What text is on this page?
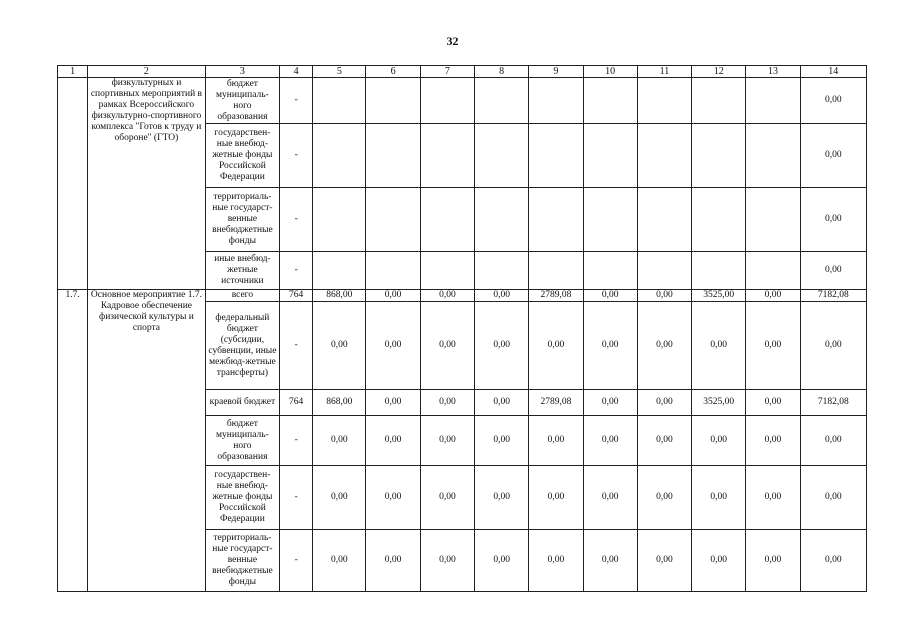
32
1	2	3	4	5	6	7	8	9	10	11	12	13	14
	физкультурных и спортивных мероприятий в рамках Всероссийского физкультурно-спортивного комплекса "Готов к труду и обороне" (ГТО)	бюджет муниципаль-ного образования	-										0,00
		государствен-ные внебюд-жетные фонды Российской Федерации	-										0,00
		территориаль-ные государст-венные внебюджетные фонды	-										0,00
		иные внебюд-жетные источники	-										0,00
1.7.	Основное мероприятие 1.7. Кадровое обеспечение физической культуры и спорта	всего	764	868,00	0,00	0,00	0,00	2789,08	0,00	0,00	3525,00	0,00	7182,08
		федеральный бюджет (субсидии, субвенции, иные межбюд-жетные трансферты)	-	0,00	0,00	0,00	0,00	0,00	0,00	0,00	0,00	0,00	0,00
		краевой бюджет	764	868,00	0,00	0,00	0,00	2789,08	0,00	0,00	3525,00	0,00	7182,08
		бюджет муниципаль-ного образования	-	0,00	0,00	0,00	0,00	0,00	0,00	0,00	0,00	0,00	0,00
		государствен-ные внебюд-жетные фонды Российской Федерации	-	0,00	0,00	0,00	0,00	0,00	0,00	0,00	0,00	0,00	0,00
		территориаль-ные государст-венные внебюджетные фонды	-	0,00	0,00	0,00	0,00	0,00	0,00	0,00	0,00	0,00	0,00
